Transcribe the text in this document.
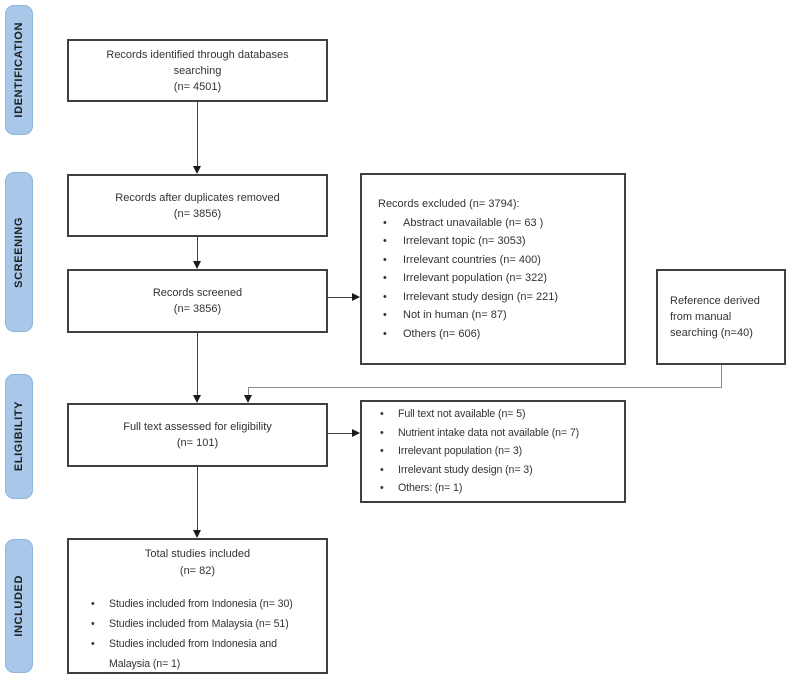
IDENTIFICATION
SCREENING
ELIGIBILITY
INCLUDED
Records identified through databases
searching
(n= 4501)
Records after duplicates removed
(n= 3856)
Records screened
(n= 3856)
Records excluded (n= 3794):
• Abstract unavailable (n= 63 )
• Irrelevant topic (n= 3053)
• Irrelevant countries (n= 400)
• Irrelevant population (n= 322)
• Irrelevant study design (n= 221)
• Not in human (n= 87)
• Others (n= 606)
Reference derived from manual searching (n=40)
Full text assessed for eligibility
(n= 101)
• Full text not available (n= 5)
• Nutrient intake data not available (n= 7)
• Irrelevant population (n= 3)
• Irrelevant study design (n= 3)
• Others: (n= 1)
Total studies included
(n= 82)
• Studies included from Indonesia (n= 30)
• Studies included from Malaysia (n= 51)
• Studies included from Indonesia and Malaysia (n= 1)
